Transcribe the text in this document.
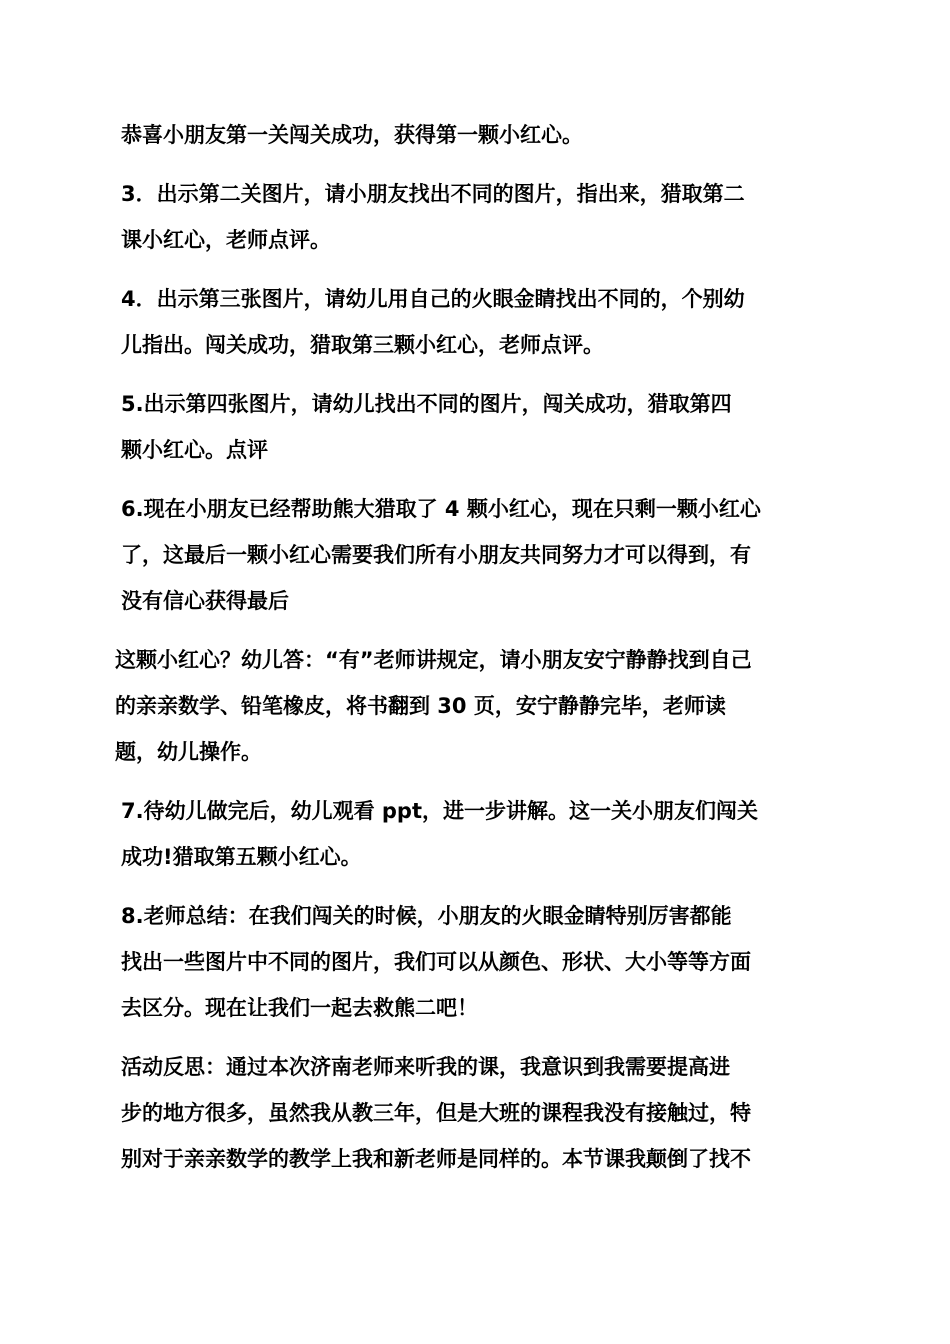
恭喜小朋友第一关闯关成功，获得第一颗小红心。
3．出示第二关图片，请小朋友找出不同的图片，指出来，猎取第二
课小红心，老师点评。
4．出示第三张图片，请幼儿用自己的火眼金睛找出不同的，个别幼
儿指出。闯关成功，猎取第三颗小红心，老师点评。
5.出示第四张图片，请幼儿找出不同的图片，闯关成功，猎取第四
颗小红心。点评
6.现在小朋友已经帮助熊大猎取了 4 颗小红心，现在只剩一颗小红心
了，这最后一颗小红心需要我们所有小朋友共同努力才可以得到，有
没有信心获得最后
这颗小红心？幼儿答：“有”老师讲规定，请小朋友安宁静静找到自己
的亲亲数学、铅笔橡皮，将书翻到 30 页，安宁静静完毕，老师读
题，幼儿操作。
7.待幼儿做完后，幼儿观看 ppt，进一步讲解。这一关小朋友们闯关
成功!猎取第五颗小红心。
8.老师总结：在我们闯关的时候，小朋友的火眼金睛特别厉害都能
找出一些图片中不同的图片，我们可以从颜色、形状、大小等等方面
去区分。现在让我们一起去救熊二吧！
活动反思：通过本次济南老师来听我的课，我意识到我需要提高进
步的地方很多，虽然我从教三年，但是大班的课程我没有接触过，特
别对于亲亲数学的教学上我和新老师是同样的。本节课我颠倒了找不
